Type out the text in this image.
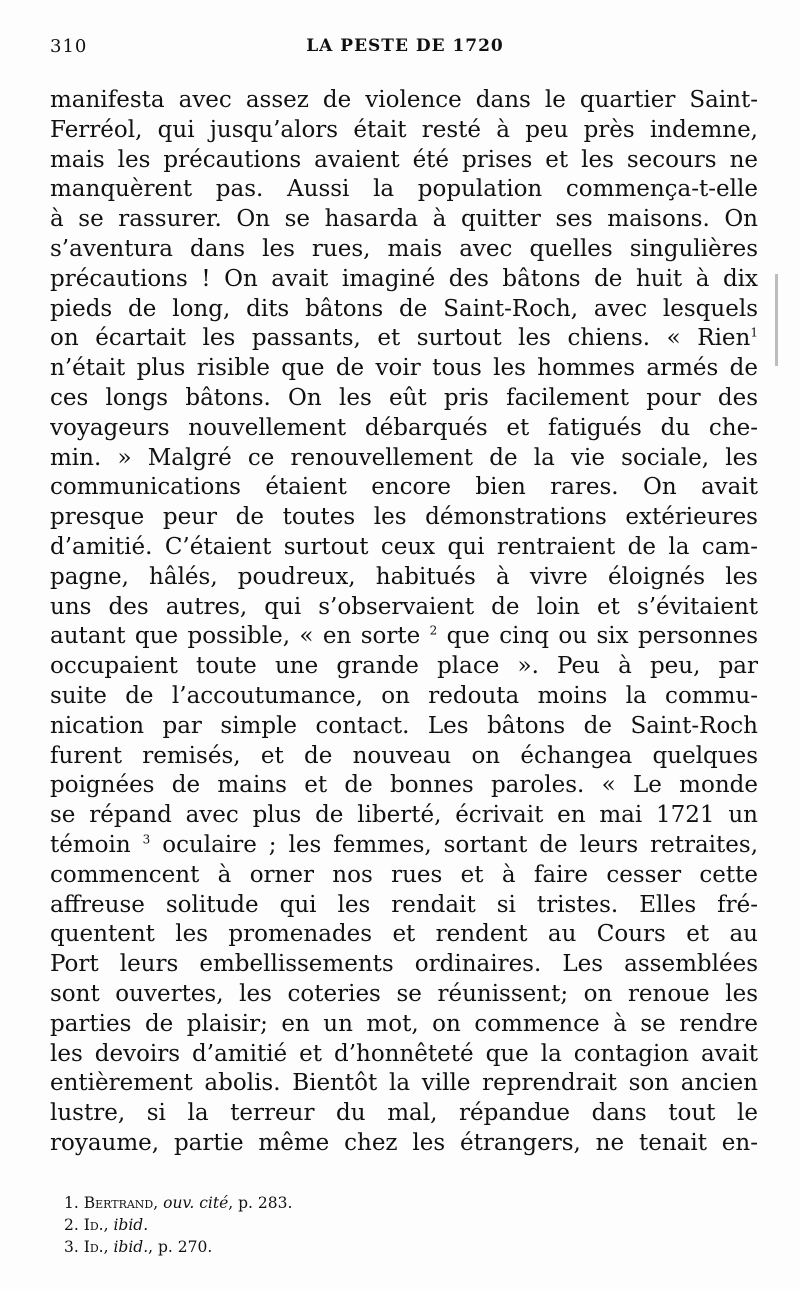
310	LA PESTE DE 1720
manifesta avec assez de violence dans le quartier Saint-
Ferréol, qui jusqu’alors était resté à peu près indemne,
mais les précautions avaient été prises et les secours ne
manquèrent pas. Aussi la population commença-t-elle
à se rassurer. On se hasarda à quitter ses maisons. On
s’aventura dans les rues, mais avec quelles singulières
précautions ! On avait imaginé des bâtons de huit à dix
pieds de long, dits bâtons de Saint-Roch, avec lesquels
on écartait les passants, et surtout les chiens. « Rien$^1$
n’était plus risible que de voir tous les hommes armés de
ces longs bâtons. On les eût pris facilement pour des
voyageurs nouvellement débarqués et fatigués du che-
min. » Malgré ce renouvellement de la vie sociale, les
communications étaient encore bien rares. On avait
presque peur de toutes les démonstrations extérieures
d’amitié. C’étaient surtout ceux qui rentraient de la cam-
pagne, hâlés, poudreux, habitués à vivre éloignés les
uns des autres, qui s’observaient de loin et s’évitaient
autant que possible, « en sorte $^2$ que cinq ou six personnes
occupaient toute une grande place ». Peu à peu, par
suite de l’accoutumance, on redouta moins la commu-
nication par simple contact. Les bâtons de Saint-Roch
furent remisés, et de nouveau on échangea quelques
poignées de mains et de bonnes paroles. « Le monde
se répand avec plus de liberté, écrivait en mai 1721 un
témoin $^3$ oculaire ; les femmes, sortant de leurs retraites,
commencent à orner nos rues et à faire cesser cette
affreuse solitude qui les rendait si tristes. Elles fré-
quentent les promenades et rendent au Cours et au
Port leurs embellissements ordinaires. Les assemblées
sont ouvertes, les coteries se réunissent; on renoue les
parties de plaisir; en un mot, on commence à se rendre
les devoirs d’amitié et d’honnêteté que la contagion avait
entièrement abolis. Bientôt la ville reprendrait son ancien
lustre, si la terreur du mal, répandue dans tout le
royaume, partie même chez les étrangers, ne tenait en-
1. Bertrand, ouv. cité, p. 283.
2. Id., ibid.
3. Id., ibid., p. 270.
